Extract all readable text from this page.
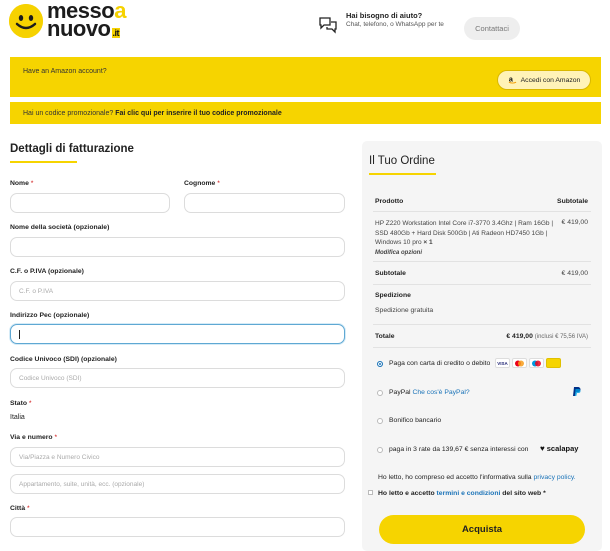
messoa
nuovo .it
Hai bisogno di aiuto?
Chat, telefono, o WhatsApp per te	Contattaci
Have an Amazon account?
a Accedi con Amazon
Hai un codice promozionale? Fai clic qui per inserire il tuo codice promozionale
Dettagli di fatturazione
Nome *	Cognome *
Nome della società (opzionale)
C.F. o P.IVA (opzionale)
C.F. o P.IVA
Indirizzo Pec (opzionale)
Codice Univoco (SDI) (opzionale)
Codice Univoco (SDI)
Stato *
Italia
Via e numero *
Via/Piazza e Numero Civico
Appartamento, suite, unità, ecc. (opzionale)
Città *
Il Tuo Ordine
Prodotto	Subtotale
HP Z220 Workstation Intel Core i7-3770 3.4Ghz | Ram 16Gb | SSD 480Gb + Hard Disk 500Gb | Ati Radeon HD7450 1Gb | Windows 10 pro × 1
Modifica opzioni
€ 419,00
Subtotale	€ 419,00
Spedizione
Spedizione gratuita
Totale	€ 419,00 (inclusi € 75,56 IVA)
Paga con carta di credito o debito	VISA
PayPal Che cos'è PayPal?
Bonifico bancario
paga in 3 rate da 139,67 € senza interessi con ♥ scalapay
Ho letto, ho compreso ed accetto l'informativa sulla privacy policy.
Ho letto e accetto termini e condizioni del sito web *
Acquista
